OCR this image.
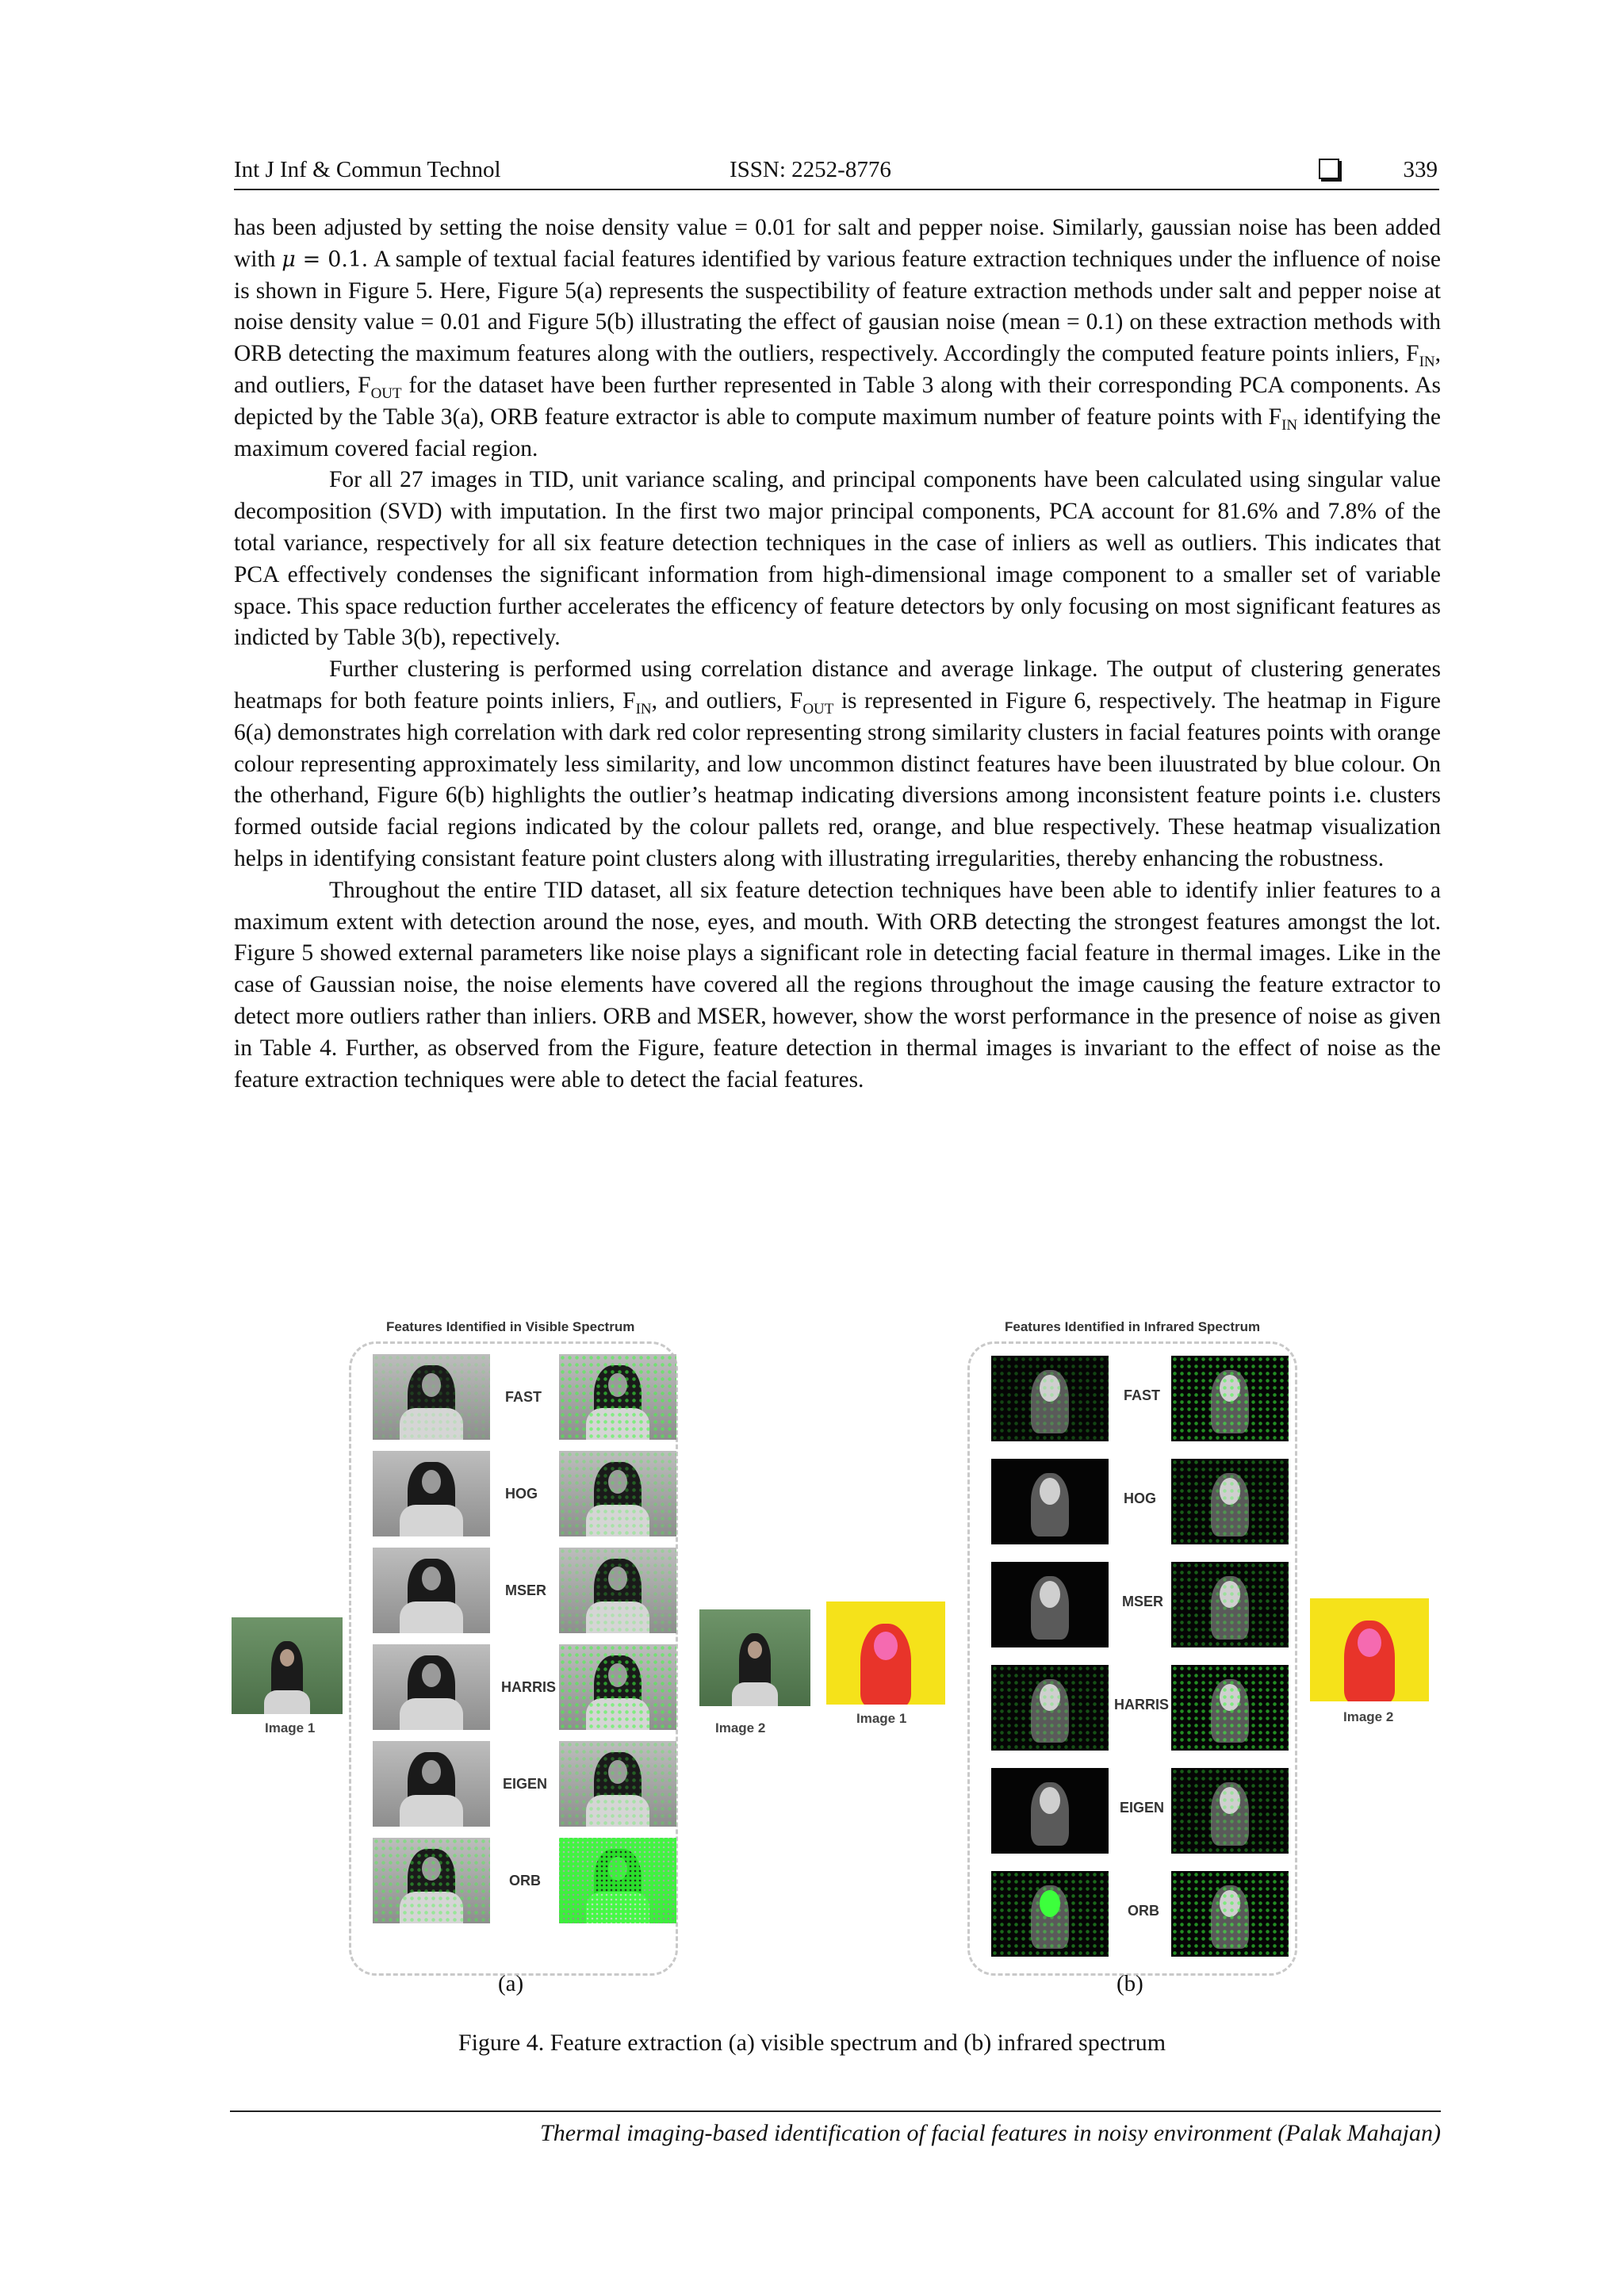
Int J Inf & Commun Technol	ISSN: 2252-8776	339

has been adjusted by setting the noise density value = 0.01 for salt and pepper noise. Similarly, gaussian noise has been added with μ = 0.1. A sample of textual facial features identified by various feature extraction techniques under the influence of noise is shown in Figure 5. Here, Figure 5(a) represents the suspectibility of feature extraction methods under salt and pepper noise at noise density value = 0.01 and Figure 5(b) illustrating the effect of gausian noise (mean = 0.1) on these extraction methods with ORB detecting the maximum features along with the outliers, respectively. Accordingly the computed feature points inliers, $F_{IN}$, and outliers, $F_{OUT}$ for the dataset have been further represented in Table 3 along with their corresponding PCA components. As depicted by the Table 3(a), ORB feature extractor is able to compute maximum number of feature points with $F_{IN}$ identifying the maximum covered facial region.

For all 27 images in TID, unit variance scaling, and principal components have been calculated using singular value decomposition (SVD) with imputation. In the first two major principal components, PCA account for 81.6% and 7.8% of the total variance, respectively for all six feature detection techniques in the case of inliers as well as outliers. This indicates that PCA effectively condenses the significant information from high-dimensional image component to a smaller set of variable space. This space reduction further accelerates the efficency of feature detectors by only focusing on most significant features as indicted by Table 3(b), repectively.

Further clustering is performed using correlation distance and average linkage. The output of clustering generates heatmaps for both feature points inliers, $F_{IN}$, and outliers, $F_{OUT}$ is represented in Figure 6, respectively. The heatmap in Figure 6(a) demonstrates high correlation with dark red color representing strong similarity clusters in facial features points with orange colour representing approximately less similarity, and low uncommon distinct features have been iluustrated by blue colour. On the otherhand, Figure 6(b) highlights the outlier’s heatmap indicating diversions among inconsistent feature points i.e. clusters formed outside facial regions indicated by the colour pallets red, orange, and blue respectively. These heatmap visualization helps in identifying consistant feature point clusters along with illustrating irregularities, thereby enhancing the robustness.

Throughout the entire TID dataset, all six feature detection techniques have been able to identify inlier features to a maximum extent with detection around the nose, eyes, and mouth. With ORB detecting the strongest features amongst the lot. Figure 5 showed external parameters like noise plays a significant role in detecting facial feature in thermal images. Like in the case of Gaussian noise, the noise elements have covered all the regions throughout the image causing the feature extractor to detect more outliers rather than inliers. ORB and MSER, however, show the worst performance in the presence of noise as given in Table 4. Further, as observed from the Figure, feature detection in thermal images is invariant to the effect of noise as the feature extraction techniques were able to detect the facial features.

Features Identified in Visible Spectrum	Features Identified in Infrared Spectrum
FAST
HOG
MSER
HARRIS
EIGEN
ORB
FAST
HOG
MSER
HARRIS
EIGEN
ORB
Image 1	Image 2
Image 1	Image 2
(a)	(b)
Figure 4. Feature extraction (a) visible spectrum and (b) infrared spectrum
Thermal imaging-based identification of facial features in noisy environment (Palak Mahajan)
